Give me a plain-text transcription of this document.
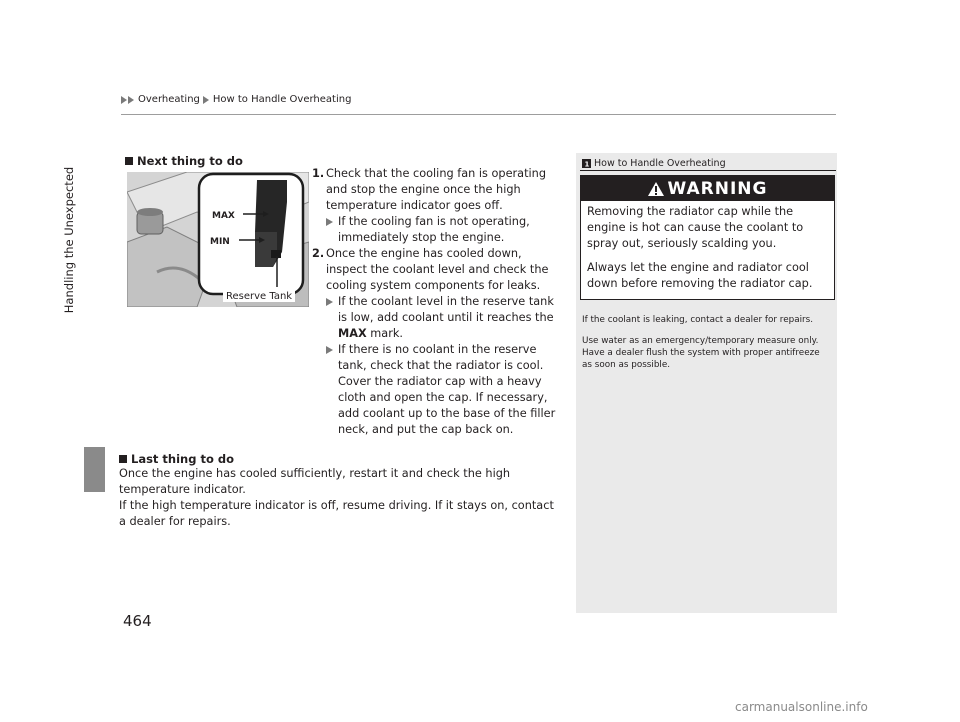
Overheating How to Handle Overheating
Handling the Unexpected
464
Next thing to do
MAX
MIN
Reserve Tank
1. Check that the cooling fan is operating and stop the engine once the high temperature indicator goes off.
If the cooling fan is not operating, immediately stop the engine.
2. Once the engine has cooled down, inspect the coolant level and check the cooling system components for leaks.
If the coolant level in the reserve tank is low, add coolant until it reaches the MAX mark.
If there is no coolant in the reserve tank, check that the radiator is cool. Cover the radiator cap with a heavy cloth and open the cap. If necessary, add coolant up to the base of the filler neck, and put the cap back on.
Last thing to do

Once the engine has cooled sufficiently, restart it and check the high temperature indicator.

If the high temperature indicator is off, resume driving. If it stays on, contact a dealer for repairs.

1 How to Handle Overheating
WARNING

Removing the radiator cap while the engine is hot can cause the coolant to spray out, seriously scalding you.

Always let the engine and radiator cool down before removing the radiator cap.

If the coolant is leaking, contact a dealer for repairs.

Use water as an emergency/temporary measure only. Have a dealer flush the system with proper antifreeze as soon as possible.

carmanualsonline.info
